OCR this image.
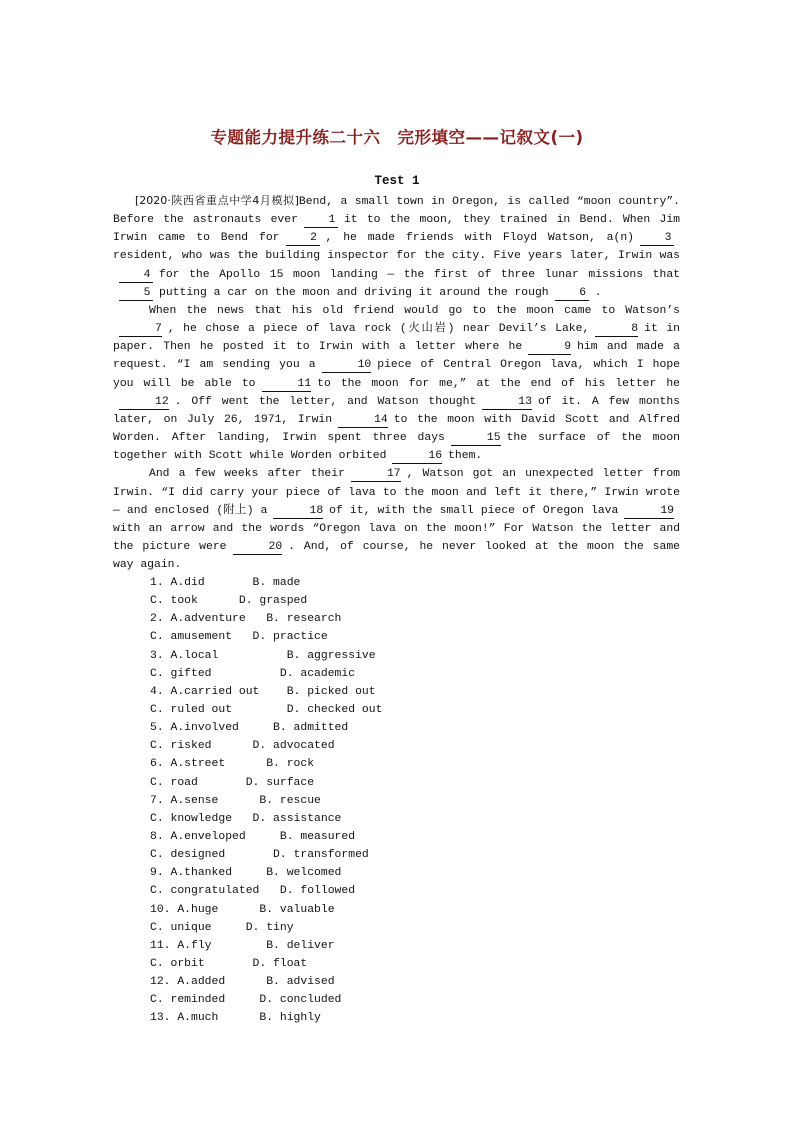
专题能力提升练二十六　完形填空——记叙文(一)
Test 1

[2020·陕西省重点中学4月模拟]Bend, a small town in Oregon, is called “moon country”. Before the astronauts ever	1 it to the moon, they trained in Bend. When Jim Irwin came to Bend for	2 , he made friends with Floyd Watson, a(n)	3resident, who was the building inspector for the city. Five years later, Irwin was4 for the Apollo 15 moon landing — the first of three lunar missions that5 putting a car on the moon and driving it around the rough	6 .

When the news that his old friend would go to the moon came to Watson’s7 , he chose a piece of lava rock (火山岩) near Devil’s Lake,	8 it in paper. Then he posted it to Irwin with a letter where he	9 him and made a request. “I am sending you a	10 piece of Central Oregon lava, which I hope you will be able to	11 to the moon for me,” at the end of his letter he12 . Off went the letter, and Watson thought	13 of it. A few months later, on July 26, 1971, Irwin	14 to the moon with David Scott and Alfred Worden. After landing, Irwin spent three days	15 the surface of the moon together with Scott while Worden orbited	16 them.

And a few weeks after their	17 , Watson got an unexpected letter from Irwin. “I did carry your piece of lava to the moon and left it there,” Irwin wrote — and enclosed (附上) a	18 of it, with the small piece of Oregon lava	19with an arrow and the words “Oregon lava on the moon!” For Watson the letter and the picture were	20 . And, of course, he never looked at the moon the same way again.

1. A.did       B. made
C. took      D. grasped
2. A.adventure   B. research
C. amusement   D. practice
3. A.local          B. aggressive
C. gifted          D. academic
4. A.carried out    B. picked out
C. ruled out        D. checked out
5. A.involved     B. admitted
C. risked      D. advocated
6. A.street      B. rock
C. road       D. surface
7. A.sense      B. rescue
C. knowledge   D. assistance
8. A.enveloped     B. measured
C. designed       D. transformed
9. A.thanked     B. welcomed
C. congratulated   D. followed
10. A.huge      B. valuable
C. unique     D. tiny
11. A.fly        B. deliver
C. orbit       D. float
12. A.added      B. advised
C. reminded     D. concluded
13. A.much      B. highly
